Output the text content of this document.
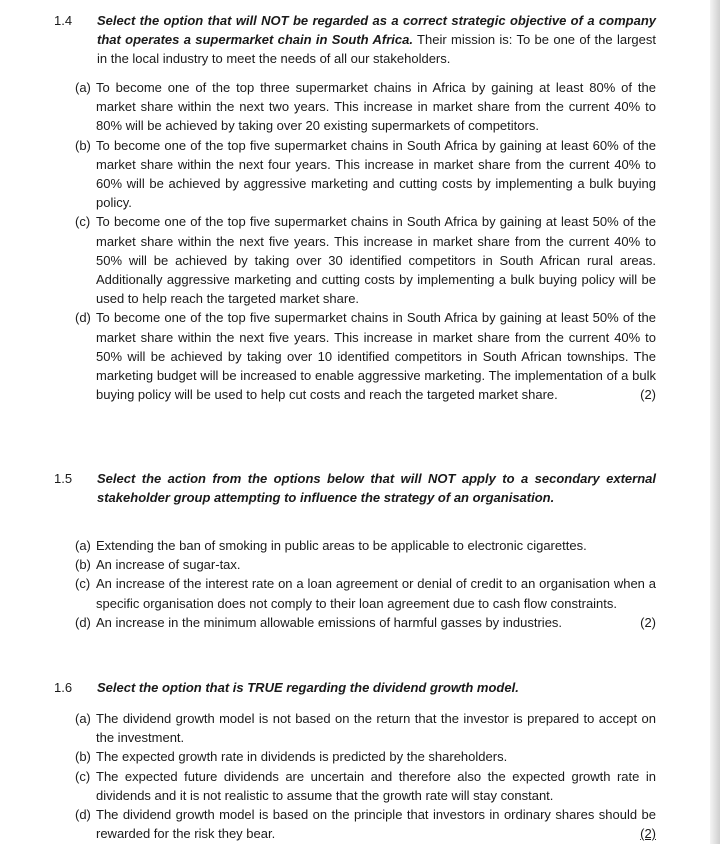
1.4	Select the option that will NOT be regarded as a correct strategic objective of a company that operates a supermarket chain in South Africa. Their mission is: To be one of the largest in the local industry to meet the needs of all our stakeholders.
(a) To become one of the top three supermarket chains in Africa by gaining at least 80% of the market share within the next two years. This increase in market share from the current 40% to 80% will be achieved by taking over 20 existing supermarkets of competitors.
(b) To become one of the top five supermarket chains in South Africa by gaining at least 60% of the market share within the next four years. This increase in market share from the current 40% to 60% will be achieved by aggressive marketing and cutting costs by implementing a bulk buying policy.
(c) To become one of the top five supermarket chains in South Africa by gaining at least 50% of the market share within the next five years. This increase in market share from the current 40% to 50% will be achieved by taking over 30 identified competitors in South African rural areas. Additionally aggressive marketing and cutting costs by implementing a bulk buying policy will be used to help reach the targeted market share.
(d) To become one of the top five supermarket chains in South Africa by gaining at least 50% of the market share within the next five years. This increase in market share from the current 40% to 50% will be achieved by taking over 10 identified competitors in South African townships. The marketing budget will be increased to enable aggressive marketing. The implementation of a bulk buying policy will be used to help cut costs and reach the targeted market share.	(2)
1.5	Select the action from the options below that will NOT apply to a secondary external stakeholder group attempting to influence the strategy of an organisation.
(a) Extending the ban of smoking in public areas to be applicable to electronic cigarettes.
(b) An increase of sugar-tax.
(c) An increase of the interest rate on a loan agreement or denial of credit to an organisation when a specific organisation does not comply to their loan agreement due to cash flow constraints.
(d) An increase in the minimum allowable emissions of harmful gasses by industries.	(2)
1.6	Select the option that is TRUE regarding the dividend growth model.
(a) The dividend growth model is not based on the return that the investor is prepared to accept on the investment.
(b) The expected growth rate in dividends is predicted by the shareholders.
(c) The expected future dividends are uncertain and therefore also the expected growth rate in dividends and it is not realistic to assume that the growth rate will stay constant.
(d) The dividend growth model is based on the principle that investors in ordinary shares should be rewarded for the risk they bear.	(2)
